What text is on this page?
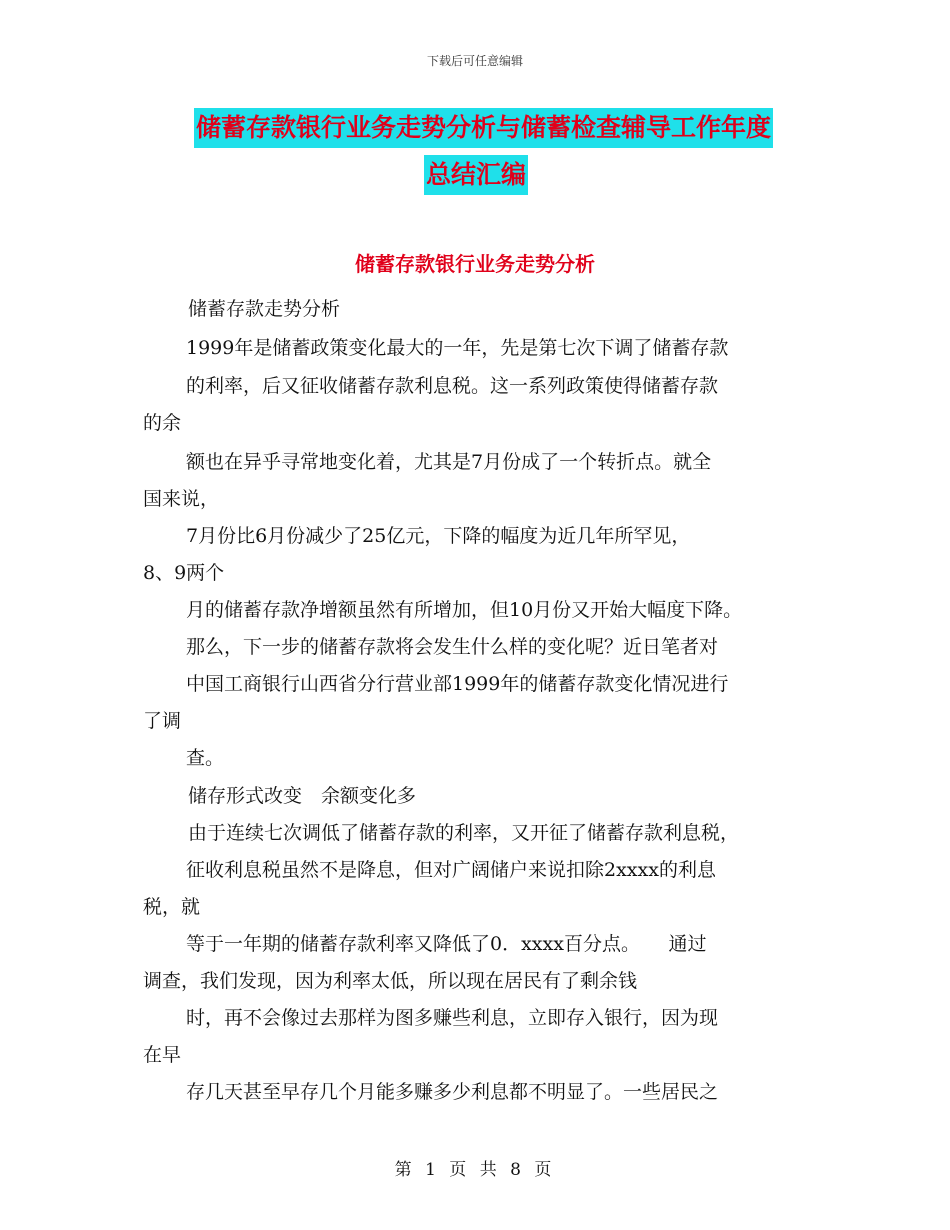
下载后可任意编辑
储蓄存款银行业务走势分析与储蓄检查辅导工作年度
总结汇编
储蓄存款银行业务走势分析
储蓄存款走势分析
1999年是储蓄政策变化最大的一年，先是第七次下调了储蓄存款
的利率，后又征收储蓄存款利息税。这一系列政策使得储蓄存款
的余
额也在异乎寻常地变化着，尤其是7月份成了一个转折点。就全
国来说，
7月份比6月份减少了25亿元，下降的幅度为近几年所罕见，
8、9两个
月的储蓄存款净增额虽然有所增加，但10月份又开始大幅度下降。
那么，下一步的储蓄存款将会发生什么样的变化呢？近日笔者对
中国工商银行山西省分行营业部1999年的储蓄存款变化情况进行
了调
查。
储存形式改变　余额变化多
由于连续七次调低了储蓄存款的利率，又开征了储蓄存款利息税，
征收利息税虽然不是降息，但对广阔储户来说扣除2xxxx的利息
税，就
等于一年期的储蓄存款利率又降低了0．xxxx百分点。　　通过
调查，我们发现，因为利率太低，所以现在居民有了剩余钱
时，再不会像过去那样为图多赚些利息，立即存入银行，因为现
在早
存几天甚至早存几个月能多赚多少利息都不明显了。一些居民之
第 1 页 共 8 页
